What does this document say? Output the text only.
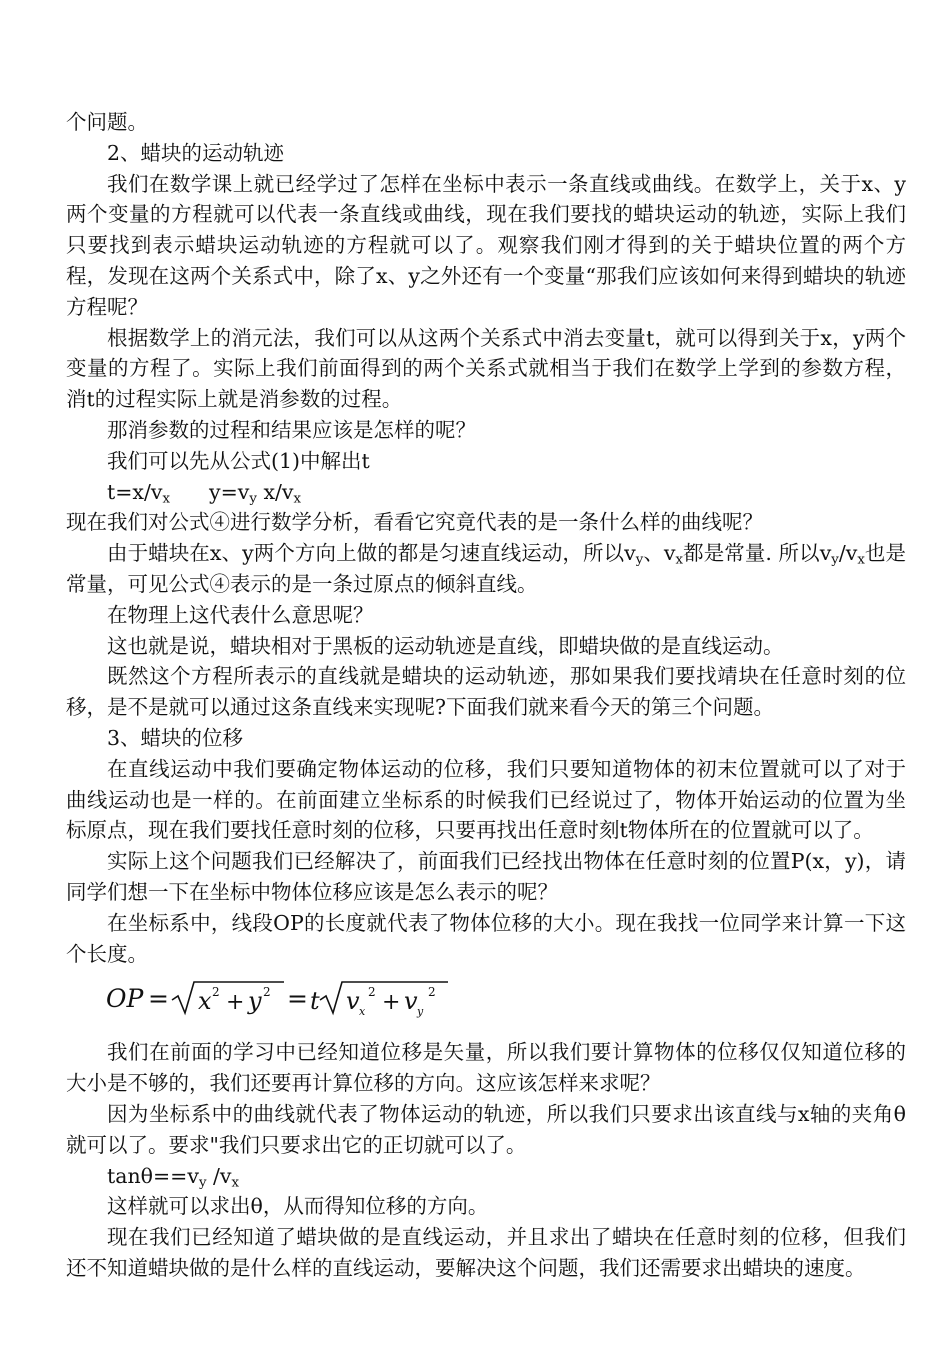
个问题。

2、蜡块的运动轨迹

我们在数学课上就已经学过了怎样在坐标中表示一条直线或曲线。在数学上，关于x、y两个变量的方程就可以代表一条直线或曲线，现在我们要找的蜡块运动的轨迹，实际上我们只要找到表示蜡块运动轨迹的方程就可以了。观察我们刚才得到的关于蜡块位置的两个方程，发现在这两个关系式中，除了x、y之外还有一个变量“那我们应该如何来得到蜡块的轨迹方程呢？

根据数学上的消元法，我们可以从这两个关系式中消去变量t，就可以得到关于x，y两个变量的方程了。实际上我们前面得到的两个关系式就相当于我们在数学上学到的参数方程，消t的过程实际上就是消参数的过程。

那消参数的过程和结果应该是怎样的呢？

我们可以先从公式(1)中解出t

$t=x/v_x$ $y=v_y$ $x/v_x$

现在我们对公式④进行数学分析，看看它究竟代表的是一条什么样的曲线呢？

由于蜡块在x、y两个方向上做的都是匀速直线运动，所以$v_y$、$v_x$都是常量. 所以$v_y/v_x$也是常量，可见公式④表示的是一条过原点的倾斜直线。

在物理上这代表什么意思呢？

这也就是说，蜡块相对于黑板的运动轨迹是直线，即蜡块做的是直线运动。

既然这个方程所表示的直线就是蜡块的运动轨迹，那如果我们要找靖块在任意时刻的位移，是不是就可以通过这条直线来实现呢?下面我们就来看今天的第三个问题。

3、蜡块的位移

在直线运动中我们要确定物体运动的位移，我们只要知道物体的初末位置就可以了对于曲线运动也是一样的。在前面建立坐标系的时候我们已经说过了，物体开始运动的位置为坐标原点，现在我们要找任意时刻的位移，只要再找出任意时刻t物体所在的位置就可以了。

实际上这个问题我们已经解决了，前面我们已经找出物体在任意时刻的位置P(x，y)，请同学们想一下在坐标中物体位移应该是怎么表示的呢？

在坐标系中，线段OP的长度就代表了物体位移的大小。现在我找一位同学来计算一下这个长度。

OP = x 2 + y 2 = t v x
2 + v y
2

我们在前面的学习中已经知道位移是矢量，所以我们要计算物体的位移仅仅知道位移的大小是不够的，我们还要再计算位移的方向。这应该怎样来求呢？

因为坐标系中的曲线就代表了物体运动的轨迹，所以我们只要求出该直线与x轴的夹角θ就可以了。要求"我们只要求出它的正切就可以了。

$\tan\theta==v_y$ $/v_x$

这样就可以求出θ，从而得知位移的方向。

现在我们已经知道了蜡块做的是直线运动，并且求出了蜡块在任意时刻的位移，但我们还不知道蜡块做的是什么样的直线运动，要解决这个问题，我们还需要求出蜡块的速度。
